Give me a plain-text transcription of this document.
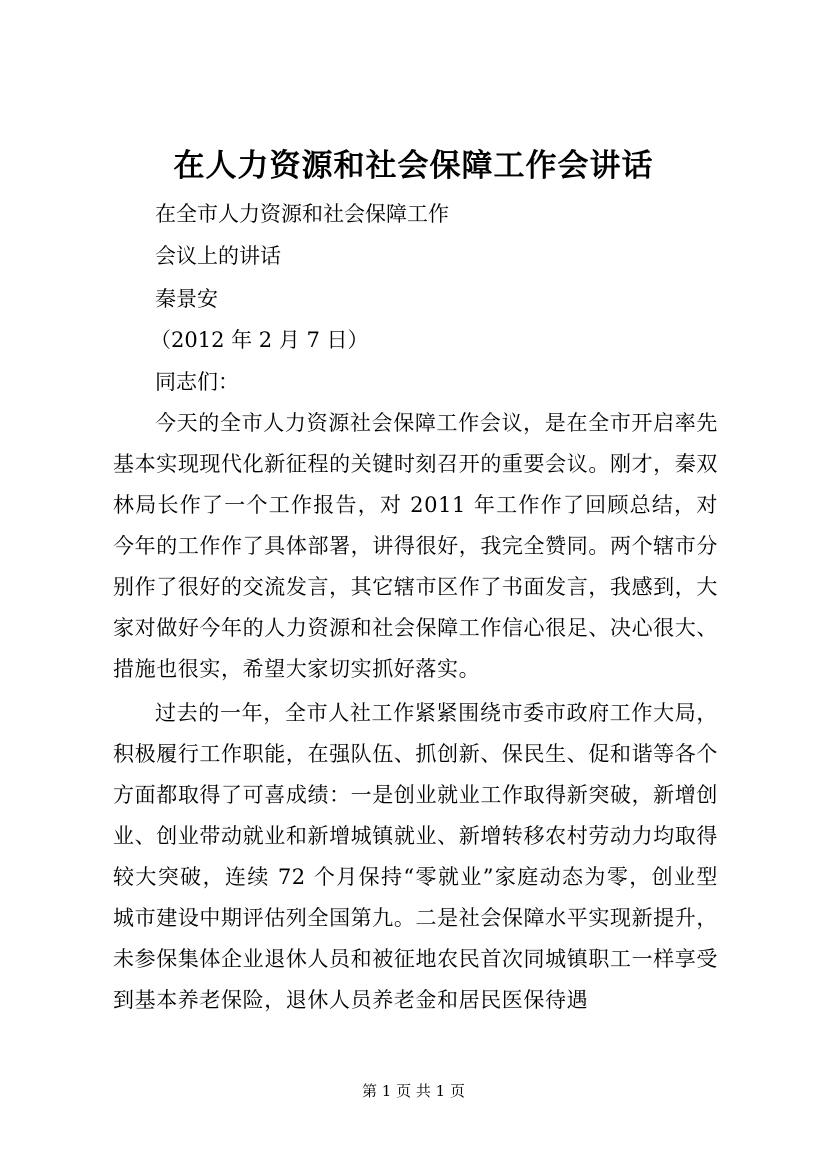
在人力资源和社会保障工作会讲话
在全市人力资源和社会保障工作
会议上的讲话
秦景安
（2012 年 2 月 7 日）
同志们：
今天的全市人力资源社会保障工作会议，是在全市开启率先基本实现现代化新征程的关键时刻召开的重要会议。刚才，秦双林局长作了一个工作报告，对 2011 年工作作了回顾总结，对今年的工作作了具体部署，讲得很好，我完全赞同。两个辖市分别作了很好的交流发言，其它辖市区作了书面发言，我感到，大家对做好今年的人力资源和社会保障工作信心很足、决心很大、措施也很实，希望大家切实抓好落实。
过去的一年，全市人社工作紧紧围绕市委市政府工作大局，积极履行工作职能，在强队伍、抓创新、保民生、促和谐等各个方面都取得了可喜成绩：一是创业就业工作取得新突破，新增创业、创业带动就业和新增城镇就业、新增转移农村劳动力均取得较大突破，连续 72 个月保持“零就业”家庭动态为零，创业型城市建设中期评估列全国第九。二是社会保障水平实现新提升，未参保集体企业退休人员和被征地农民首次同城镇职工一样享受到基本养老保险，退休人员养老金和居民医保待遇
第 1 页 共 1 页
